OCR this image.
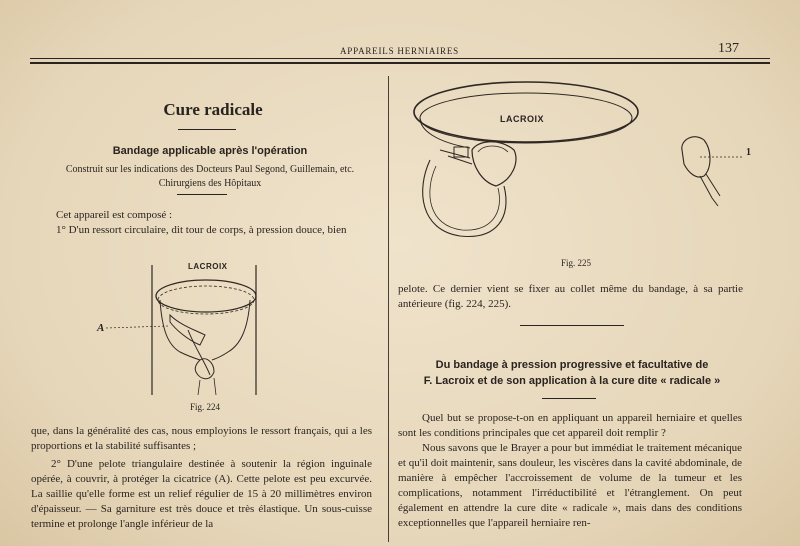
APPAREILS HERNIAIRES	137
Cure radicale
Bandage applicable après l'opération
Construit sur les indications des Docteurs Paul Segond, Guillemain, etc.
Chirurgiens des Hôpitaux
Cet appareil est composé :
1° D'un ressort circulaire, dit tour de corps, à pression douce, bien
LACROIX
A
Fig. 224
que, dans la généralité des cas, nous employions le ressort français, qui a les proportions et la stabilité suffisantes ;
2° D'une pelote triangulaire destinée à soutenir la région inguinale opérée, à couvrir, à protéger la cicatrice (A). Cette pelote est peu excurvée. La saillie qu'elle forme est un relief régulier de 15 à 20 millimètres environ d'épaisseur. — Sa garniture est très douce et très élastique. Un sous-cuisse termine et prolonge l'angle inférieur de la
LACROIX
1
Fig. 225
pelote. Ce dernier vient se fixer au collet même du bandage, à sa partie antérieure (fig. 224, 225).
Du bandage à pression progressive et facultative de
F. Lacroix et de son application à la cure dite « radicale »
Quel but se propose-t-on en appliquant un appareil herniaire et quelles sont les conditions principales que cet appareil doit remplir ?
Nous savons que le Brayer a pour but immédiat le traitement mécanique et qu'il doit maintenir, sans douleur, les viscères dans la cavité abdominale, de manière à empêcher l'accroissement de volume de la tumeur et les complications, notamment l'irréductibilité et l'étranglement. On peut également en attendre la cure dite « radicale », mais dans des conditions exceptionnelles que l'appareil herniaire ren-
